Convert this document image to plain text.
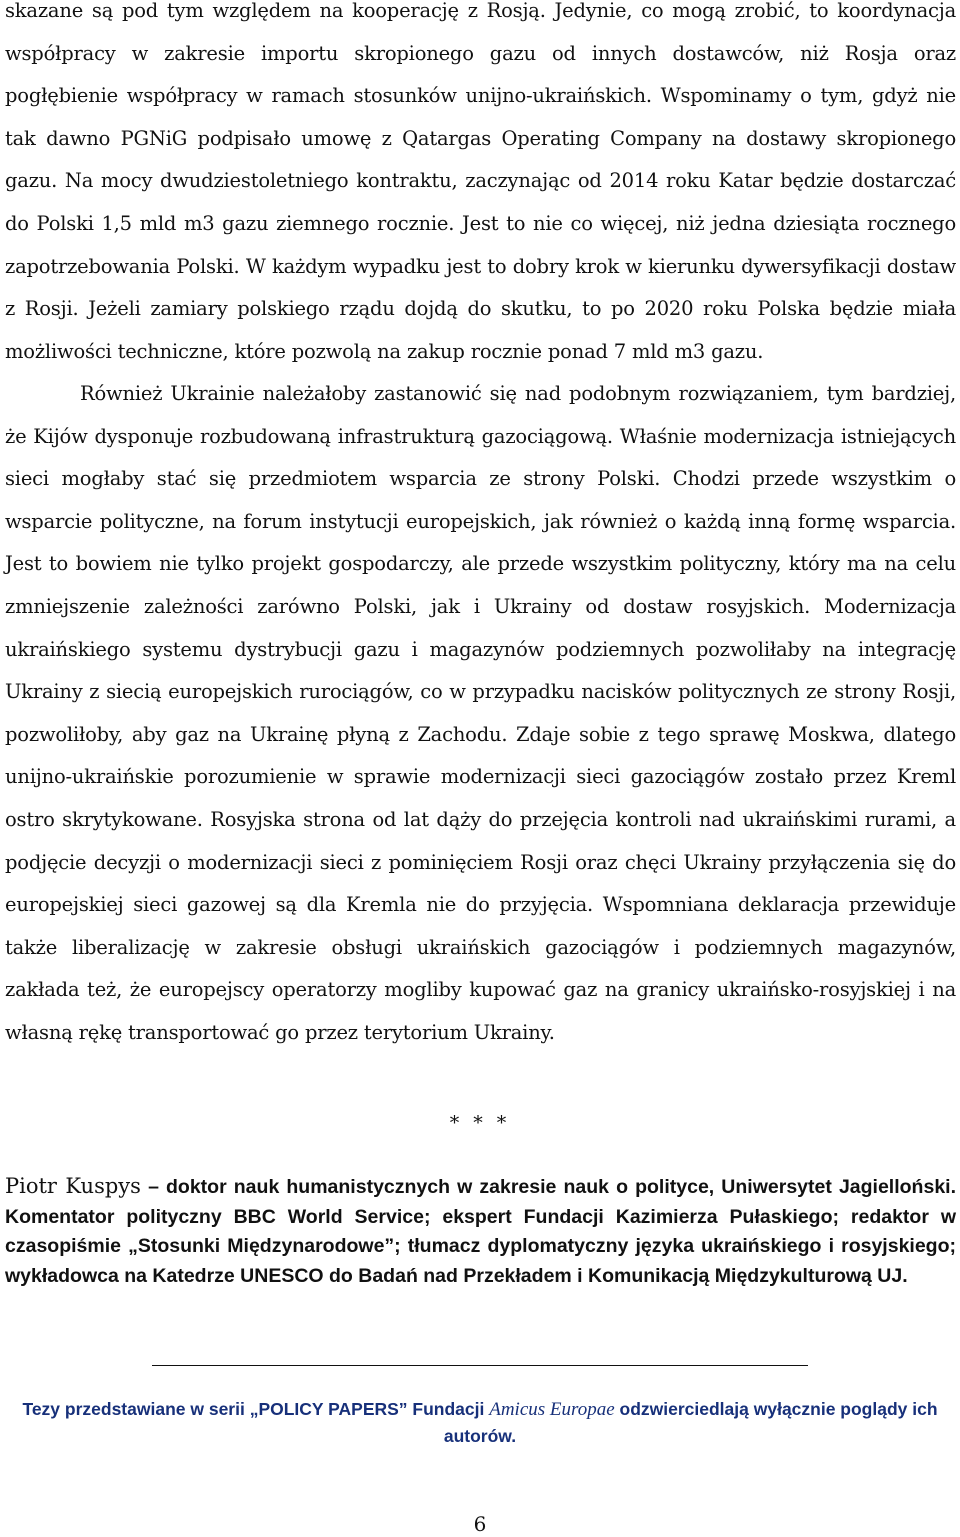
skazane są pod tym względem na kooperację z Rosją. Jedynie, co mogą zrobić, to koordynacja współpracy w zakresie importu skropionego gazu od innych dostawców, niż Rosja oraz pogłębienie współpracy w ramach stosunków unijno-ukraińskich. Wspominamy o tym, gdyż nie tak dawno PGNiG podpisało umowę z Qatargas Operating Company na dostawy skropionego gazu. Na mocy dwudziestoletniego kontraktu, zaczynając od 2014 roku Katar będzie dostarczać do Polski 1,5 mld m3 gazu ziemnego rocznie. Jest to nie co więcej, niż jedna dziesiąta rocznego zapotrzebowania Polski. W każdym wypadku jest to dobry krok w kierunku dywersyfikacji dostaw z Rosji. Jeżeli zamiary polskiego rządu dojdą do skutku, to po 2020 roku Polska będzie miała możliwości techniczne, które pozwolą na zakup rocznie ponad 7 mld m3 gazu.

Również Ukrainie należałoby zastanowić się nad podobnym rozwiązaniem, tym bardziej, że Kijów dysponuje rozbudowaną infrastrukturą gazociągową. Właśnie modernizacja istniejących sieci mogłaby stać się przedmiotem wsparcia ze strony Polski. Chodzi przede wszystkim o wsparcie polityczne, na forum instytucji europejskich, jak również o każdą inną formę wsparcia. Jest to bowiem nie tylko projekt gospodarczy, ale przede wszystkim polityczny, który ma na celu zmniejszenie zależności zarówno Polski, jak i Ukrainy od dostaw rosyjskich. Modernizacja ukraińskiego systemu dystrybucji gazu i magazynów podziemnych pozwoliłaby na integrację Ukrainy z siecią europejskich rurociągów, co w przypadku nacisków politycznych ze strony Rosji, pozwoliłoby, aby gaz na Ukrainę płyną z Zachodu. Zdaje sobie z tego sprawę Moskwa, dlatego unijno-ukraińskie porozumienie w sprawie modernizacji sieci gazociągów zostało przez Kreml ostro skrytykowane. Rosyjska strona od lat dąży do przejęcia kontroli nad ukraińskimi rurami, a podjęcie decyzji o modernizacji sieci z pominięciem Rosji oraz chęci Ukrainy przyłączenia się do europejskiej sieci gazowej są dla Kremla nie do przyjęcia. Wspomniana deklaracja przewiduje także liberalizację w zakresie obsługi ukraińskich gazociągów i podziemnych magazynów, zakłada też, że europejscy operatorzy mogliby kupować gaz na granicy ukraińsko-rosyjskiej i na własną rękę transportować go przez terytorium Ukrainy.

* * *

Piotr Kuspys – doktor nauk humanistycznych w zakresie nauk o polityce, Uniwersytet Jagielloński. Komentator polityczny BBC World Service; ekspert Fundacji Kazimierza Pułaskiego; redaktor w czasopiśmie „Stosunki Międzynarodowe”; tłumacz dyplomatyczny języka ukraińskiego i rosyjskiego; wykładowca na Katedrze UNESCO do Badań nad Przekładem i Komunikacją Międzykulturową UJ.

Tezy przedstawiane w serii „POLICY PAPERS” Fundacji Amicus Europae odzwierciedlają wyłącznie poglądy ich autorów.

6
